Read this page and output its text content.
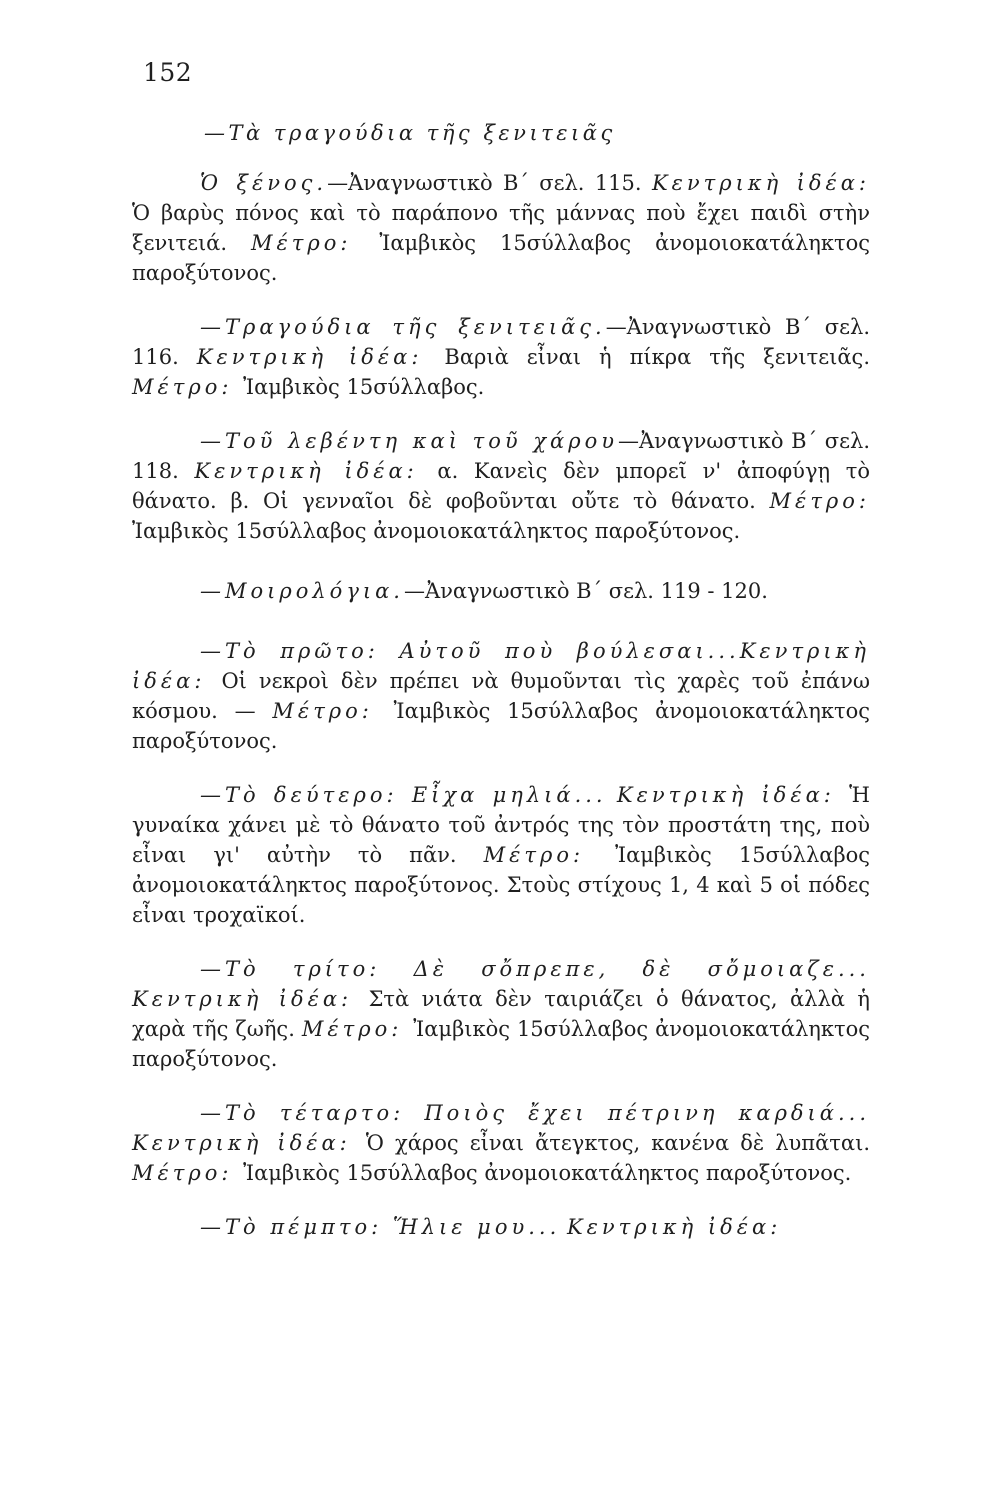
152

—Τὰ τραγούδια τῆς ξενιτειᾶς

Ὁ ξένος.—Ἀναγνωστικὸ Β΄ σελ. 115. Κεντρικὴ ἰδέα: Ὁ βαρὺς πόνος καὶ τὸ παράπονο τῆς μάννας ποὺ ἔχει παιδὶ στὴν ξενιτειά. Μέτρο: Ἰαμβικὸς 15σύλλαβος ἀνομοιοκατάληκτος παροξύτονος.

—Τραγούδια τῆς ξενιτειᾶς.—Ἀναγνωστικὸ Β΄ σελ. 116. Κεντρικὴ ἰδέα: Βαριὰ εἶναι ἡ πίκρα τῆς ξενιτειᾶς. Μέτρο: Ἰαμβικὸς 15σύλλαβος.

—Τοῦ λεβέντη καὶ τοῦ χάρου—Ἀναγνωστικὸ Β΄ σελ. 118. Κεντρικὴ ἰδέα: α. Κανεὶς δὲν μπορεῖ ν' ἀποφύγῃ τὸ θάνατο. β. Οἱ γενναῖοι δὲ φοβοῦνται οὔτε τὸ θάνατο. Μέτρο: Ἰαμβικὸς 15σύλλαβος ἀνομοιοκατάληκτος παροξύτονος.

—Μοιρολόγια.—Ἀναγνωστικὸ Β΄ σελ. 119 - 120.

—Τὸ πρῶτο: Αὐτοῦ ποὺ βούλεσαι...Κεντρικὴ ἰδέα: Οἱ νεκροὶ δὲν πρέπει νὰ θυμοῦνται τὶς χαρὲς τοῦ ἐπάνω κόσμου. — Μέτρο: Ἰαμβικὸς 15σύλλαβος ἀνομοιοκατάληκτος παροξύτονος.

—Τὸ δεύτερο: Εἶχα μηλιά... Κεντρικὴ ἰδέα: Ἡ γυναίκα χάνει μὲ τὸ θάνατο τοῦ ἀντρός της τὸν προστάτη της, ποὺ εἶναι γι' αὐτὴν τὸ πᾶν. Μέτρο: Ἰαμβικὸς 15σύλλαβος ἀνομοιοκατάληκτος παροξύτονος. Στοὺς στίχους 1, 4 καὶ 5 οἱ πόδες εἶναι τροχαϊκοί.

—Τὸ τρίτο: Δὲ σὄπρεπε, δὲ σὄμοιαζε... Κεντρικὴ ἰδέα: Στὰ νιάτα δὲν ταιριάζει ὁ θάνατος, ἀλλὰ ἡ χαρὰ τῆς ζωῆς. Μέτρο: Ἰαμβικὸς 15σύλλαβος ἀνομοιοκατάληκτος παροξύτονος.

—Τὸ τέταρτο: Ποιὸς ἔχει πέτρινη καρδιά... Κεντρικὴ ἰδέα: Ὁ χάρος εἶναι ἄτεγκτος, κανένα δὲ λυπᾶται. Μέτρο: Ἰαμβικὸς 15σύλλαβος ἀνομοιοκατάληκτος παροξύτονος.

—Τὸ πέμπτο: Ἥλιε μου... Κεντρικὴ ἰδέα:
